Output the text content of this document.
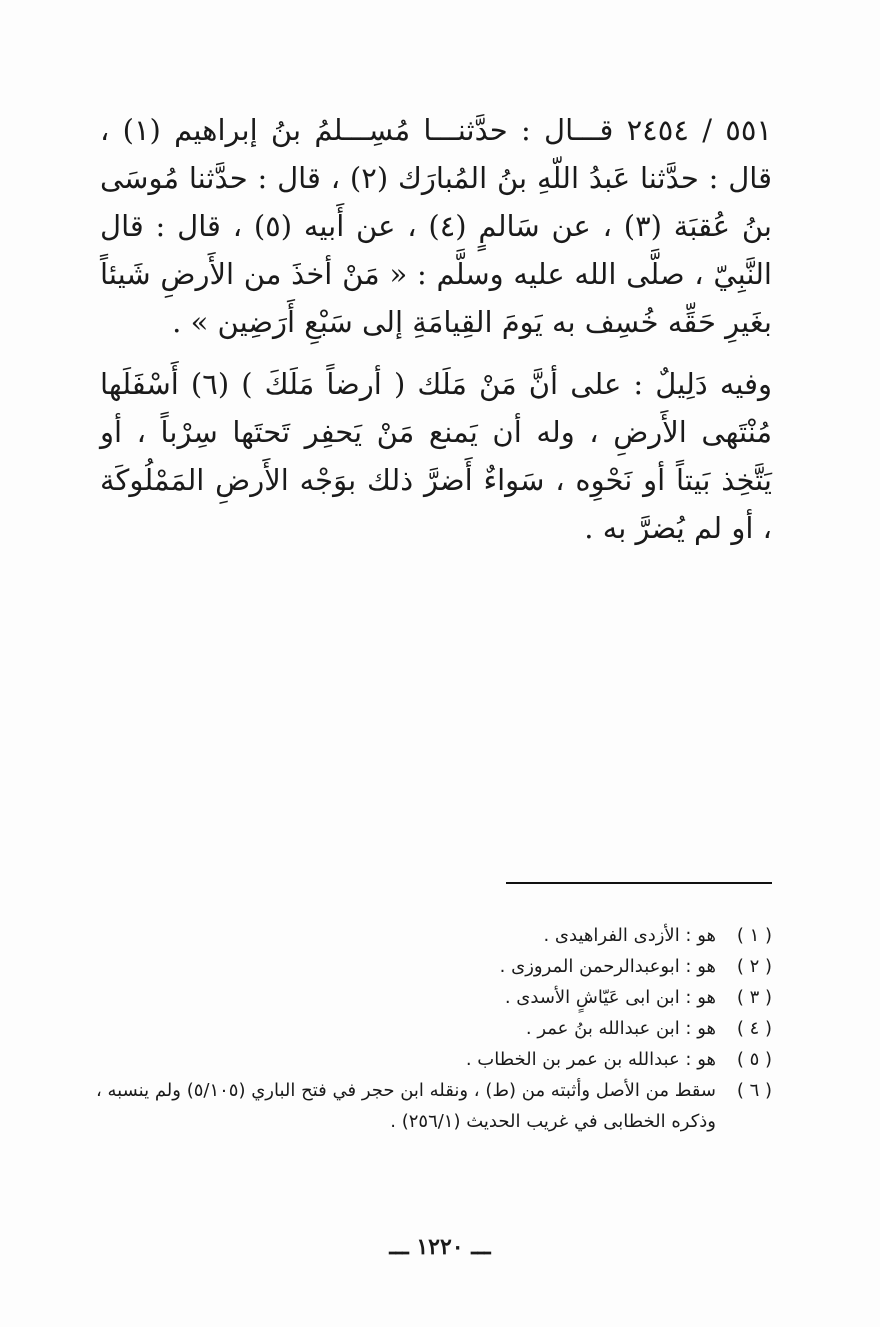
٥٥١ / ٢٤٥٤ قـــال : حدَّثنـــا مُسِـــلمُ بنُ إبراهيم (١) ، قال : حدَّثنا عَبدُ اللّهِ بنُ المُبارَك (٢) ، قال : حدَّثنا مُوسَى بنُ عُقبَة (٣) ، عن سَالمٍ (٤) ، عن أَبيه (٥) ، قال : قال النَّبِيّ ، صلَّى الله عليه وسلَّم : « مَنْ أخذَ من الأَرضِ شَيئاً بغَيرِ حَقِّه خُسِف به يَومَ القِيامَةِ إلى سَبْعِ أَرَضِين » .

وفيه دَلِيلٌ : على أنَّ مَنْ مَلَك ( أرضاً مَلَكَ ) (٦) أَسْفَلَها مُنْتَهى الأَرضِ ، وله أن يَمنع مَنْ يَحفِر تَحتَها سِرْباً ، أو يَتَّخِذ بَيتاً أو نَحْوِه ، سَواءٌ أَضرَّ ذلك بوَجْه الأَرضِ المَمْلُوكَة ، أو لم يُضرَّ به .

( ١ )
هو : الأزدى الفراهيدى .
( ٢ )
هو : ابوعبدالرحمن المروزى .
( ٣ )
هو : ابن ابى عَيّاشٍ الأسدى .
( ٤ )
هو : ابن عبدالله بنُ عمر .
( ٥ )
هو : عبدالله بن عمر بن الخطاب .
( ٦ )
سقط من الأصل وأثبته من (ط) ، ونقله ابن حجر في فتح الباري (٥/١٠٥) ولم ينسبه ، وذكره الخطابى في غريب الحديث (٢٥٦/١) .
ـــ ١٢٢٠ ـــ
